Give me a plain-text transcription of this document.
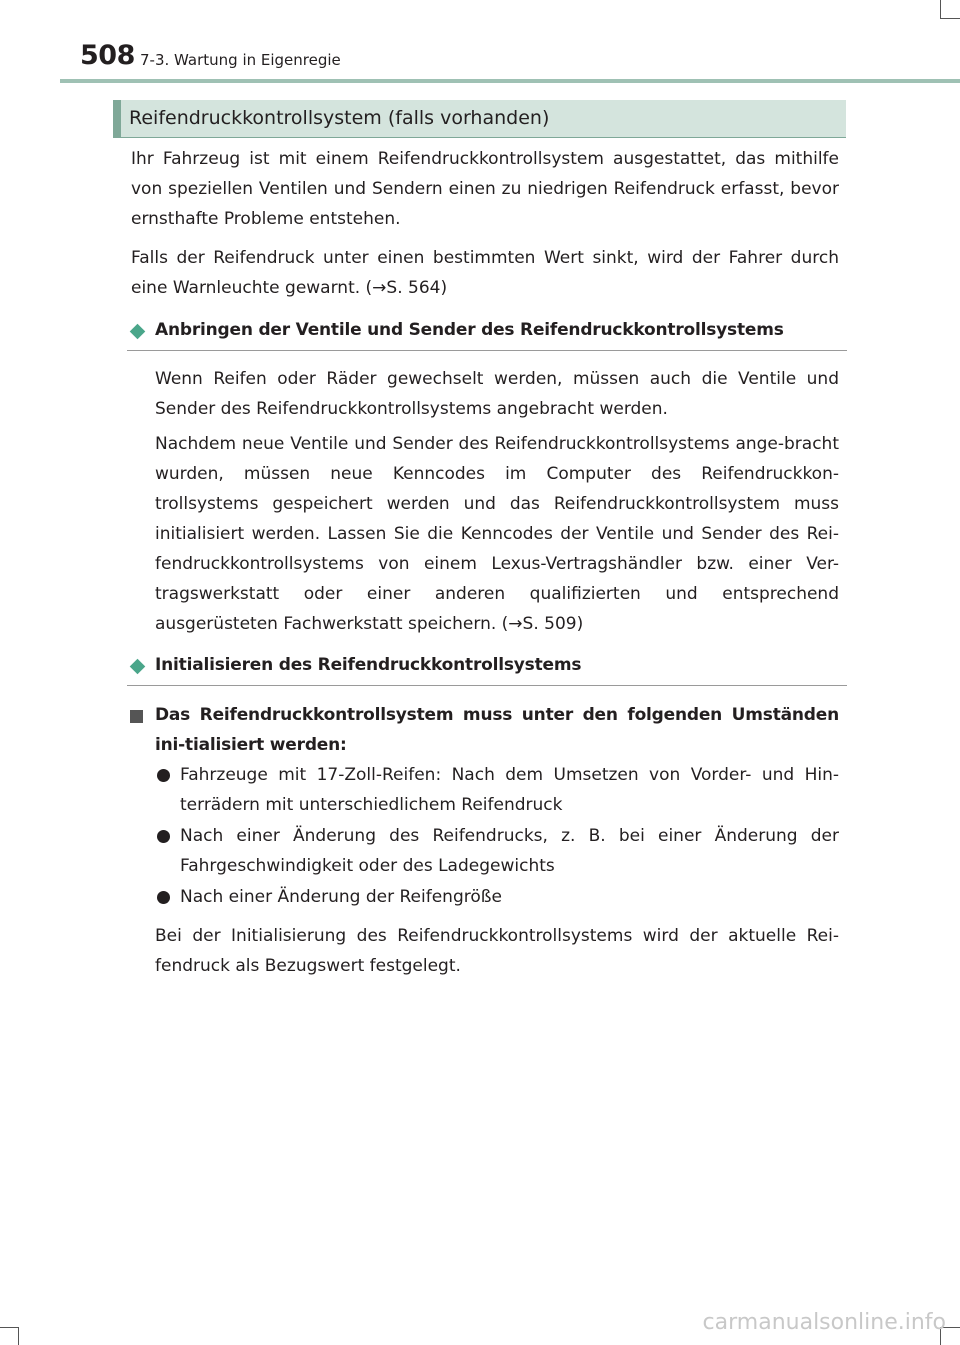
508 7-3. Wartung in Eigenregie
Reifendruckkontrollsystem (falls vorhanden)

Ihr Fahrzeug ist mit einem Reifendruckkontrollsystem ausgestattet, das mithilfe von speziellen Ventilen und Sendern einen zu niedrigen Reifendruck erfasst, bevor ernsthafte Probleme entstehen.

Falls der Reifendruck unter einen bestimmten Wert sinkt, wird der Fahrer durch eine Warnleuchte gewarnt. (→S. 564)

Anbringen der Ventile und Sender des Reifendruckkontrollsystems

Wenn Reifen oder Räder gewechselt werden, müssen auch die Ventile und Sender des Reifendruckkontrollsystems angebracht werden.

Nachdem neue Ventile und Sender des Reifendruckkontrollsystems ange-bracht wurden, müssen neue Kenncodes im Computer des Reifendruckkon-trollsystems gespeichert werden und das Reifendruckkontrollsystem muss initialisiert werden. Lassen Sie die Kenncodes der Ventile und Sender des Rei-fendruckkontrollsystems von einem Lexus-Vertragshändler bzw. einer Ver-tragswerkstatt oder einer anderen qualifizierten und entsprechend ausgerüsteten Fachwerkstatt speichern. (→S. 509)

Initialisieren des Reifendruckkontrollsystems

Das Reifendruckkontrollsystem muss unter den folgenden Umständen ini-tialisiert werden:

Fahrzeuge mit 17-Zoll-Reifen: Nach dem Umsetzen von Vorder- und Hin-terrädern mit unterschiedlichem Reifendruck

Nach einer Änderung des Reifendrucks, z. B. bei einer Änderung der Fahrgeschwindigkeit oder des Ladegewichts

Nach einer Änderung der Reifengröße

Bei der Initialisierung des Reifendruckkontrollsystems wird der aktuelle Rei-fendruck als Bezugswert festgelegt.

carmanualsonline.info
